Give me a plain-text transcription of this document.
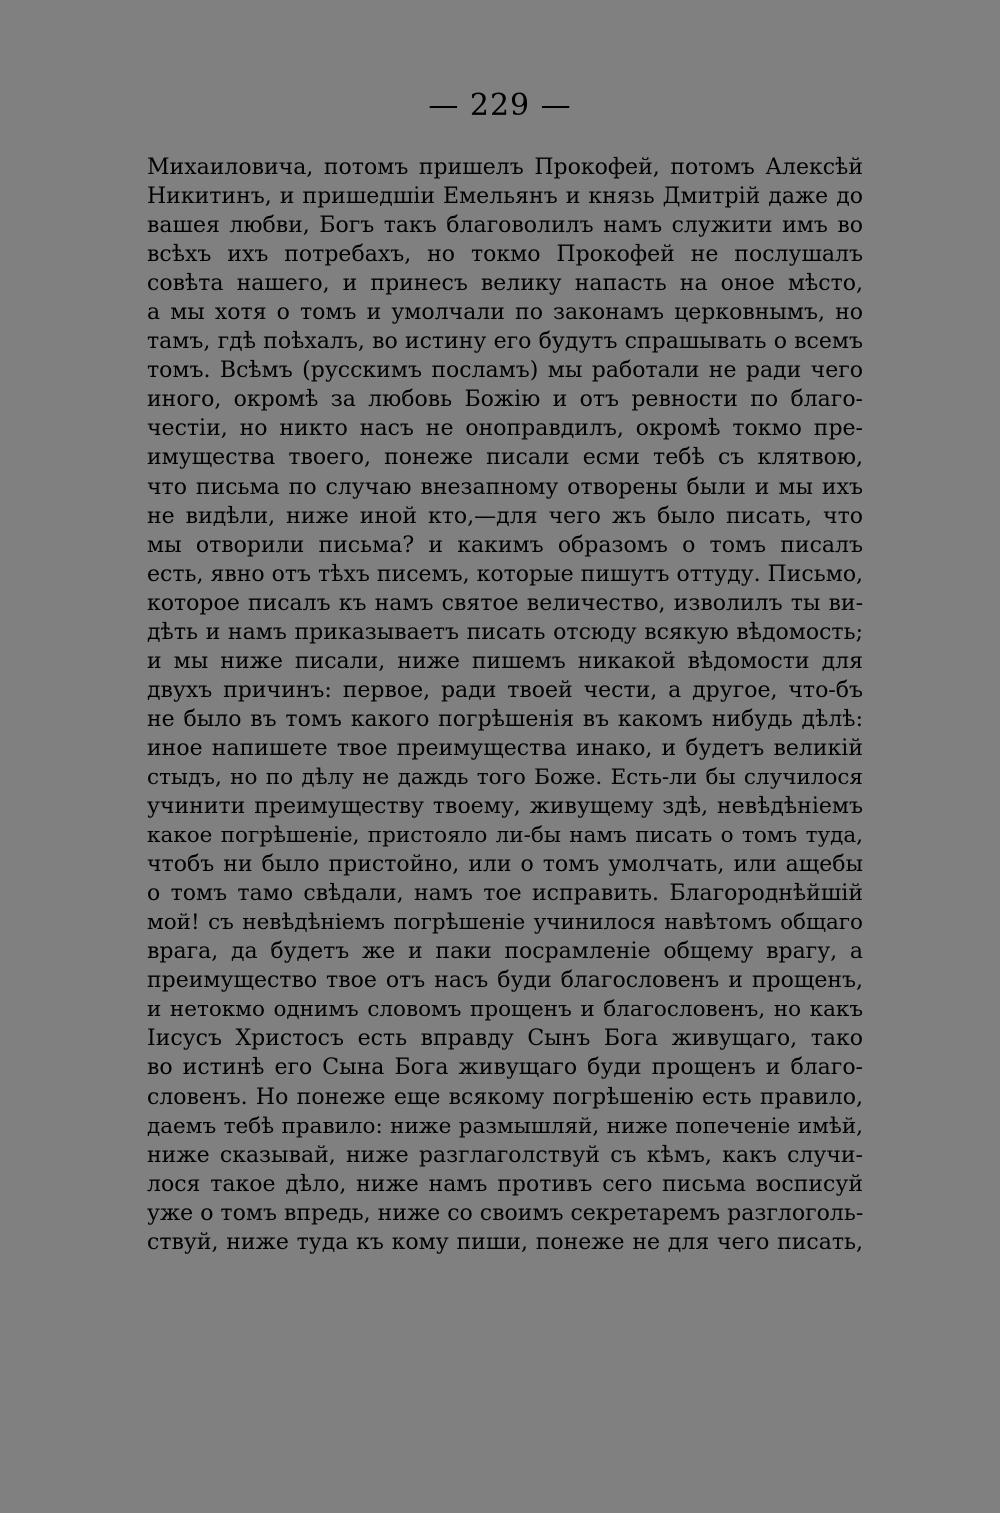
— 229 —
Михаиловича, потомъ пришелъ Прокофей, потомъ Алексѣй
Никитинъ, и пришедшіи Емельянъ и князь Дмитрій даже до
вашея любви, Богъ такъ благоволилъ намъ служити имъ во
всѣхъ ихъ потребахъ, но токмо Прокофей не послушалъ
совѣта нашего, и принесъ велику напасть на оное мѣсто,
а мы хотя о томъ и умолчали по законамъ церковнымъ, но
тамъ, гдѣ поѣхалъ, во истину его будутъ спрашывать о всемъ
томъ. Всѣмъ (русскимъ посламъ) мы работали не ради чего
иного, окромѣ за любовь Божію и отъ ревности по благо-
честіи, но никто насъ не оноправдилъ, окромѣ токмо пре-
имущества твоего, понеже писали есми тебѣ съ клятвою,
что письма по случаю внезапному отворены были и мы ихъ
не видѣли, ниже иной кто,—для чего жъ было писать, что
мы отворили письма? и какимъ образомъ о томъ писалъ
есть, явно отъ тѣхъ писемъ, которые пишутъ оттуду. Письмо,
которое писалъ къ намъ святое величество, изволилъ ты ви-
дѣть и намъ приказываетъ писать отсюду всякую вѣдомость;
и мы ниже писали, ниже пишемъ никакой вѣдомости для
двухъ причинъ: первое, ради твоей чести, а другое, что-бъ
не было въ томъ какого погрѣшенія въ какомъ нибудь дѣлѣ:
иное напишете твое преимущества инако, и будетъ великій
стыдъ, но по дѣлу не даждь того Боже. Есть-ли бы случилося
учинити преимуществу твоему, живущему здѣ, невѣдѣніемъ
какое погрѣшеніе, пристояло ли-бы намъ писать о томъ туда,
чтобъ ни было пристойно, или о томъ умолчать, или ащебы
о томъ тамо свѣдали, намъ тое исправить. Благороднѣйшій
мой! съ невѣдѣніемъ погрѣшеніе учинилося навѣтомъ общаго
врага, да будетъ же и паки посрамленіе общему врагу, а
преимущество твое отъ насъ буди благословенъ и прощенъ,
и нетокмо однимъ словомъ прощенъ и благословенъ, но какъ
Іисусъ Христосъ есть вправду Сынъ Бога живущаго, тако
во истинѣ его Сына Бога живущаго буди прощенъ и благо-
словенъ. Но понеже еще всякому погрѣшенію есть правило,
даемъ тебѣ правило: ниже размышляй, ниже попеченіе имѣй,
ниже сказывай, ниже разглаголствуй съ кѣмъ, какъ случи-
лося такое дѣло, ниже намъ противъ сего письма восписуй
уже о томъ впредь, ниже со своимъ секретаремъ разглоголь-
ствуй, ниже туда къ кому пиши, понеже не для чего писать,
